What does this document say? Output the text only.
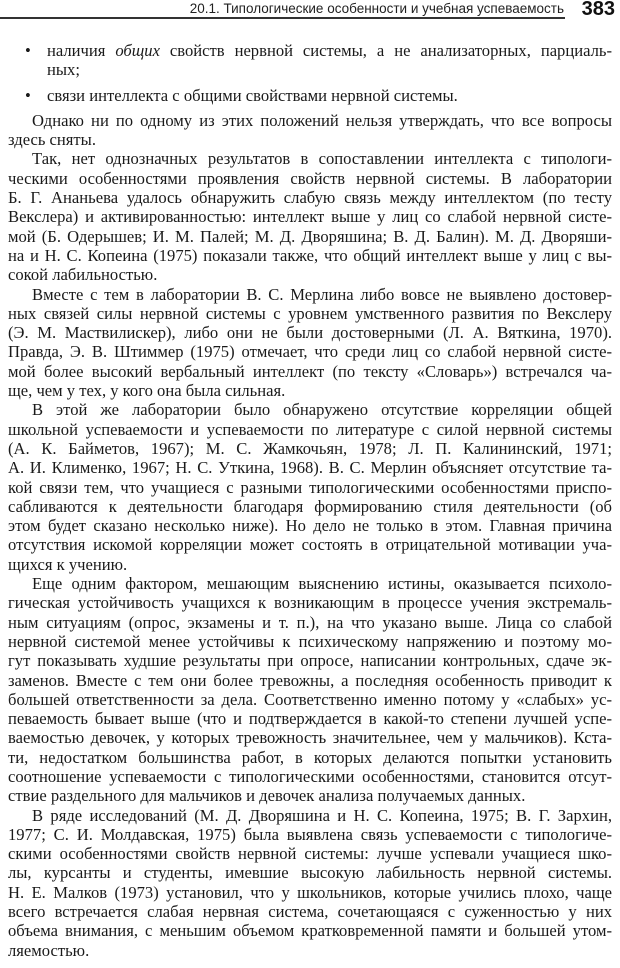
20.1. Типологические особенности и учебная успеваемость 383
• наличия общих свойств нервной системы, а не анализаторных, парциаль-
ных;
• связи интеллекта с общими свойствами нервной системы.
Однако ни по одному из этих положений нельзя утверждать, что все вопросы
здесь сняты.
Так, нет однозначных результатов в сопоставлении интеллекта с типологи-
ческими особенностями проявления свойств нервной системы. В лаборатории
Б. Г. Ананьева удалось обнаружить слабую связь между интеллектом (по тесту
Векслера) и активированностью: интеллект выше у лиц со слабой нервной систе-
мой (Б. Одерышев; И. М. Палей; М. Д. Дворяшина; В. Д. Балин). М. Д. Дворяши-
на и Н. С. Копеина (1975) показали также, что общий интеллект выше у лиц с вы-
сокой лабильностью.
Вместе с тем в лаборатории В. С. Мерлина либо вовсе не выявлено достовер-
ных связей силы нервной системы с уровнем умственного развития по Векслеру
(Э. М. Маствилискер), либо они не были достоверными (Л. А. Вяткина, 1970).
Правда, Э. В. Штиммер (1975) отмечает, что среди лиц со слабой нервной систе-
мой более высокий вербальный интеллект (по тексту «Словарь») встречался ча-
ще, чем у тех, у кого она была сильная.
В этой же лаборатории было обнаружено отсутствие корреляции общей
школьной успеваемости и успеваемости по литературе с силой нервной системы
(А. К. Байметов, 1967); М. С. Жамкочьян, 1978; Л. П. Калининский, 1971;
А. И. Клименко, 1967; Н. С. Уткина, 1968). В. С. Мерлин объясняет отсутствие та-
кой связи тем, что учащиеся с разными типологическими особенностями приспо-
сабливаются к деятельности благодаря формированию стиля деятельности (об
этом будет сказано несколько ниже). Но дело не только в этом. Главная причина
отсутствия искомой корреляции может состоять в отрицательной мотивации уча-
щихся к учению.
Еще одним фактором, мешающим выяснению истины, оказывается психоло-
гическая устойчивость учащихся к возникающим в процессе учения экстремаль-
ным ситуациям (опрос, экзамены и т. п.), на что указано выше. Лица со слабой
нервной системой менее устойчивы к психическому напряжению и поэтому мо-
гут показывать худшие результаты при опросе, написании контрольных, сдаче эк-
заменов. Вместе с тем они более тревожны, а последняя особенность приводит к
большей ответственности за дела. Соответственно именно потому у «слабых» ус-
певаемость бывает выше (что и подтверждается в какой-то степени лучшей успе-
ваемостью девочек, у которых тревожность значительнее, чем у мальчиков). Кста-
ти, недостатком большинства работ, в которых делаются попытки установить
соотношение успеваемости с типологическими особенностями, становится отсут-
ствие раздельного для мальчиков и девочек анализа получаемых данных.
В ряде исследований (М. Д. Дворяшина и Н. С. Копеина, 1975; В. Г. Зархин,
1977; С. И. Молдавская, 1975) была выявлена связь успеваемости с типологиче-
скими особенностями свойств нервной системы: лучше успевали учащиеся шко-
лы, курсанты и студенты, имевшие высокую лабильность нервной системы.
Н. Е. Малков (1973) установил, что у школьников, которые учились плохо, чаще
всего встречается слабая нервная система, сочетающаяся с суженностью у них
объема внимания, с меньшим объемом кратковременной памяти и большей утом-
ляемостью.
